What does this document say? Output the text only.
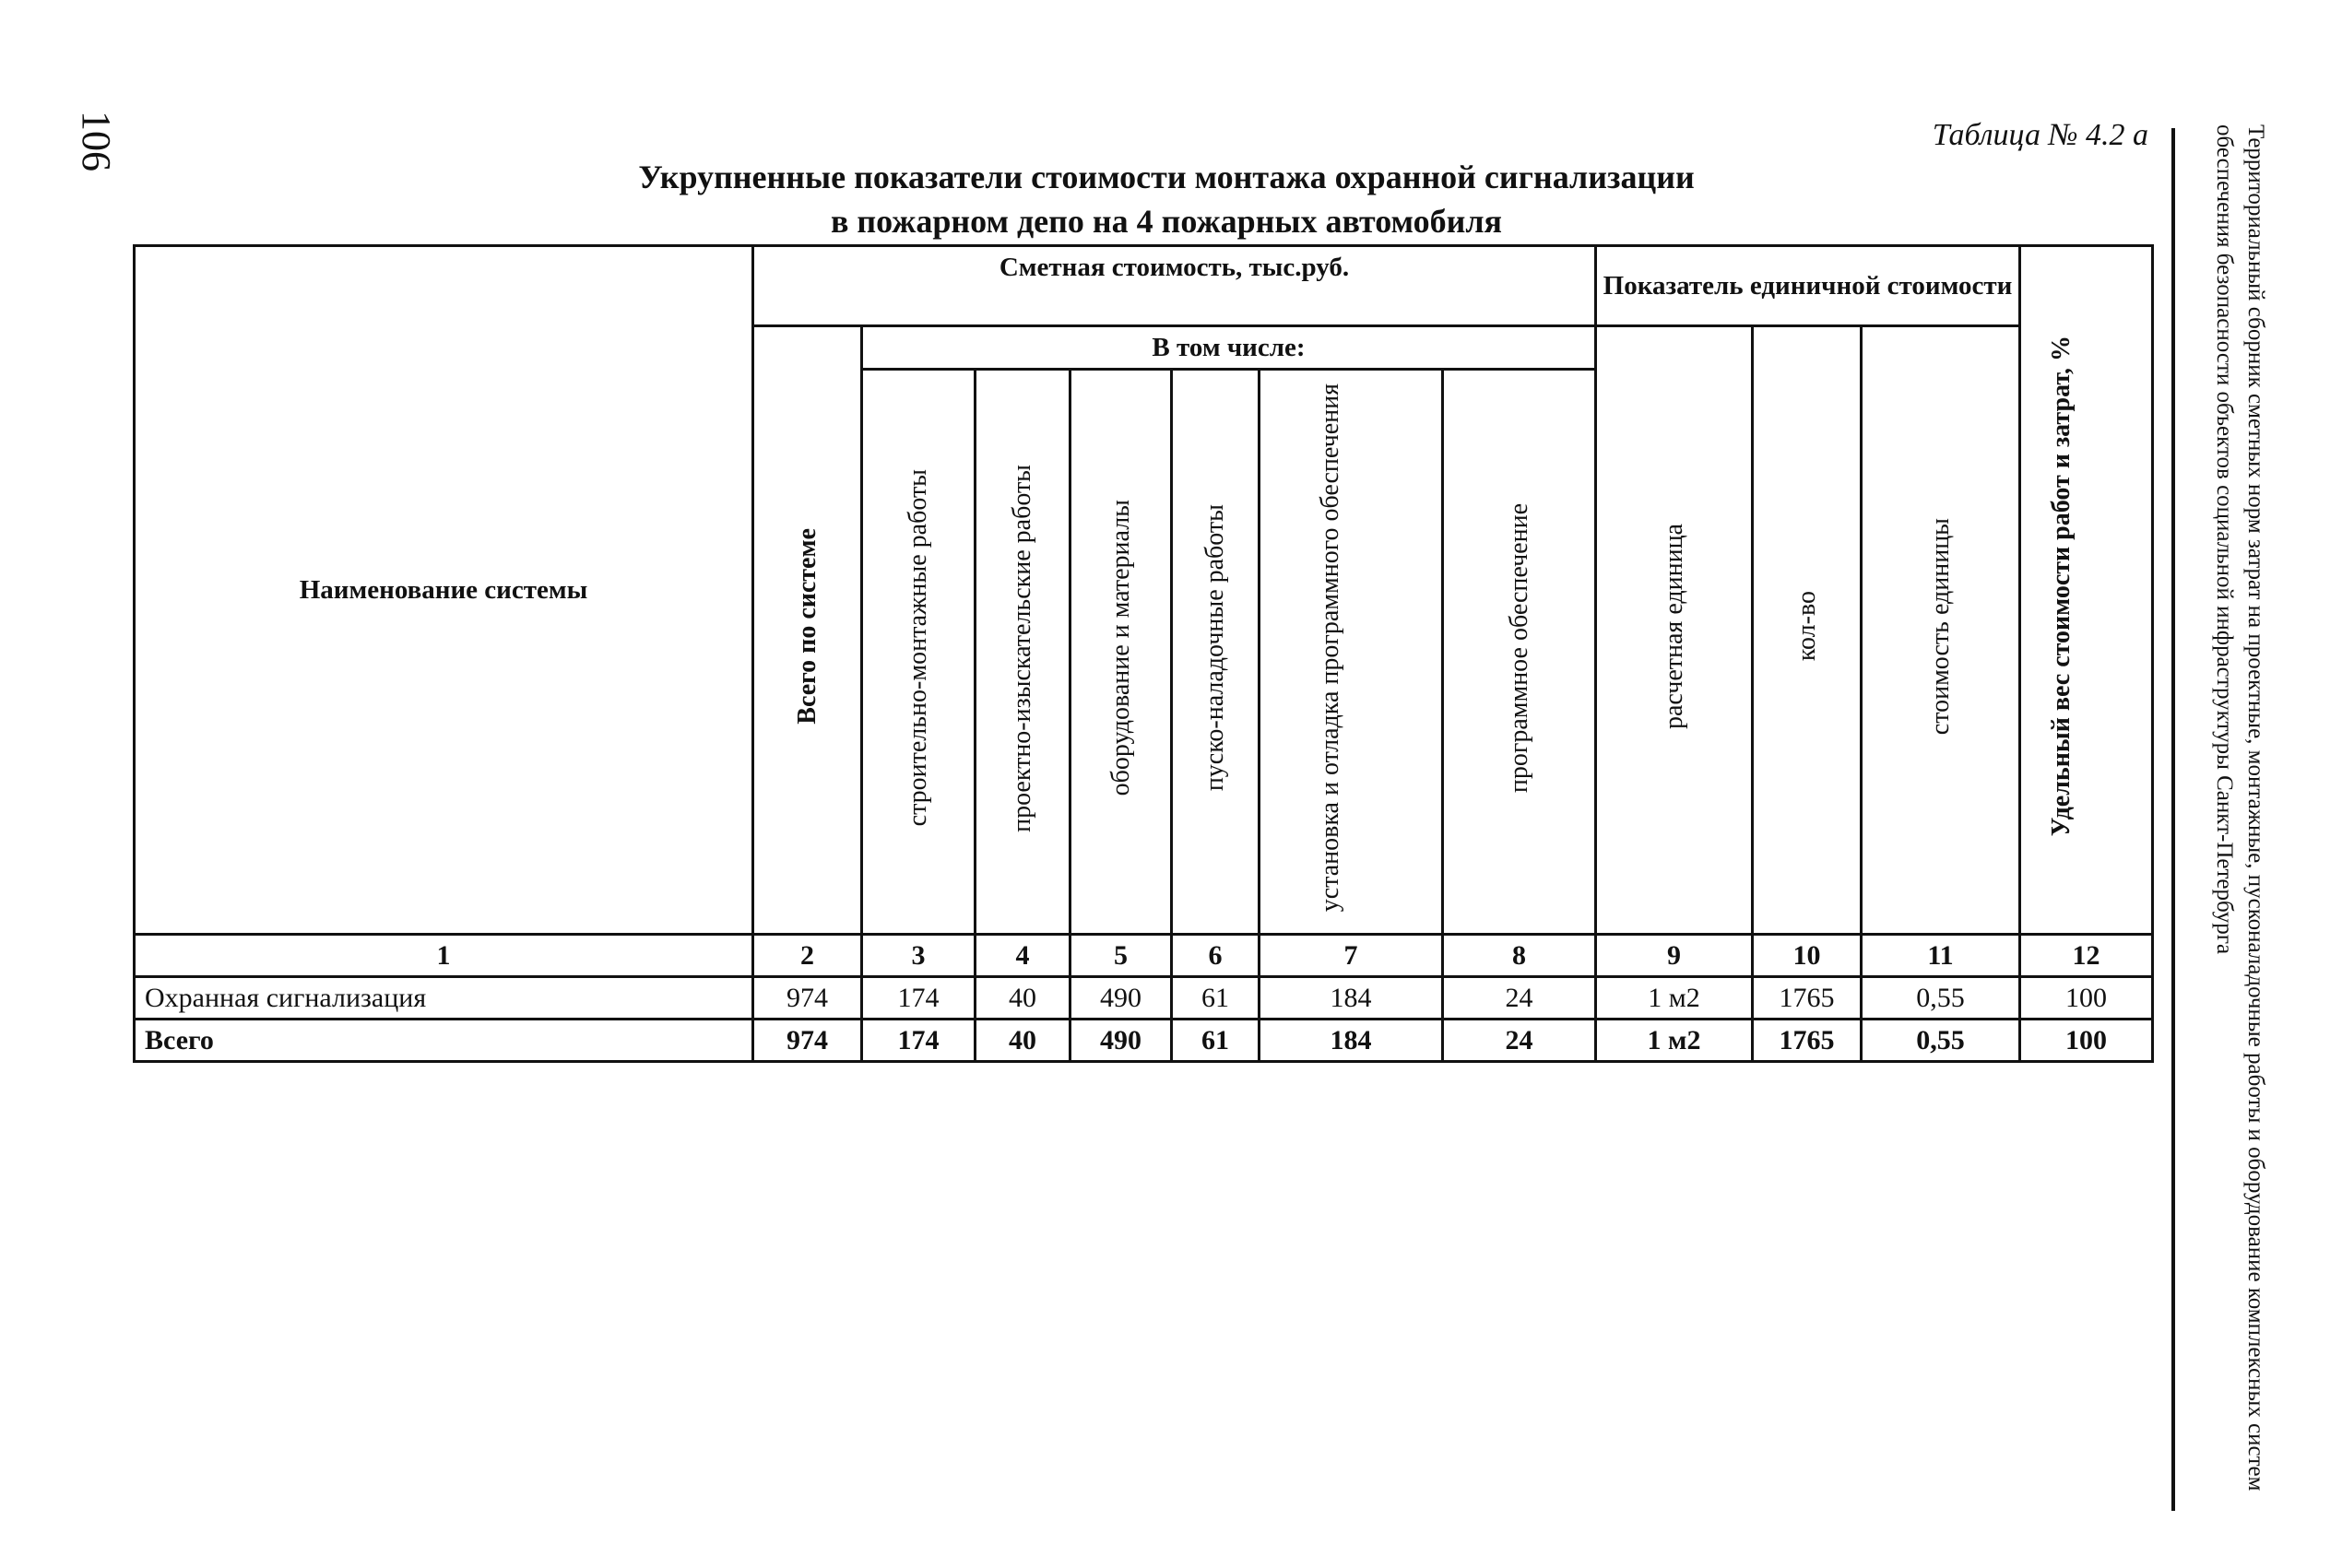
106	Таблица № 4.2 а
Укрупненные показатели стоимости монтажа охранной сигнализации
в пожарном депо на 4 пожарных автомобиля	Территориальный сборник сметных норм затрат на проектные, монтажные, пусконаладочные работы и оборудование комплексных систем обеспечения безопасности объектов социальной инфраструктуры Санкт-Петербурга
Наименование системы	Сметная стоимость, тыс.руб.							Показатель единичной стоимости			Удельный вес стоимости работ и затрат, %
	Всего по системе	В том числе:						расчетная единица	кол-во	стоимость единицы	
		строительно-монтажные работы	проектно-изыскательские работы	оборудование и материалы	пуско-наладочные работы	установка и отладка программного обеспечения	программное обеспечение				
1	2	3	4	5	6	7	8	9	10	11	12
Охранная сигнализация	974	174	40	490	61	184	24	1 м2	1765	0,55	100
Всего	974	174	40	490	61	184	24	1 м2	1765	0,55	100
